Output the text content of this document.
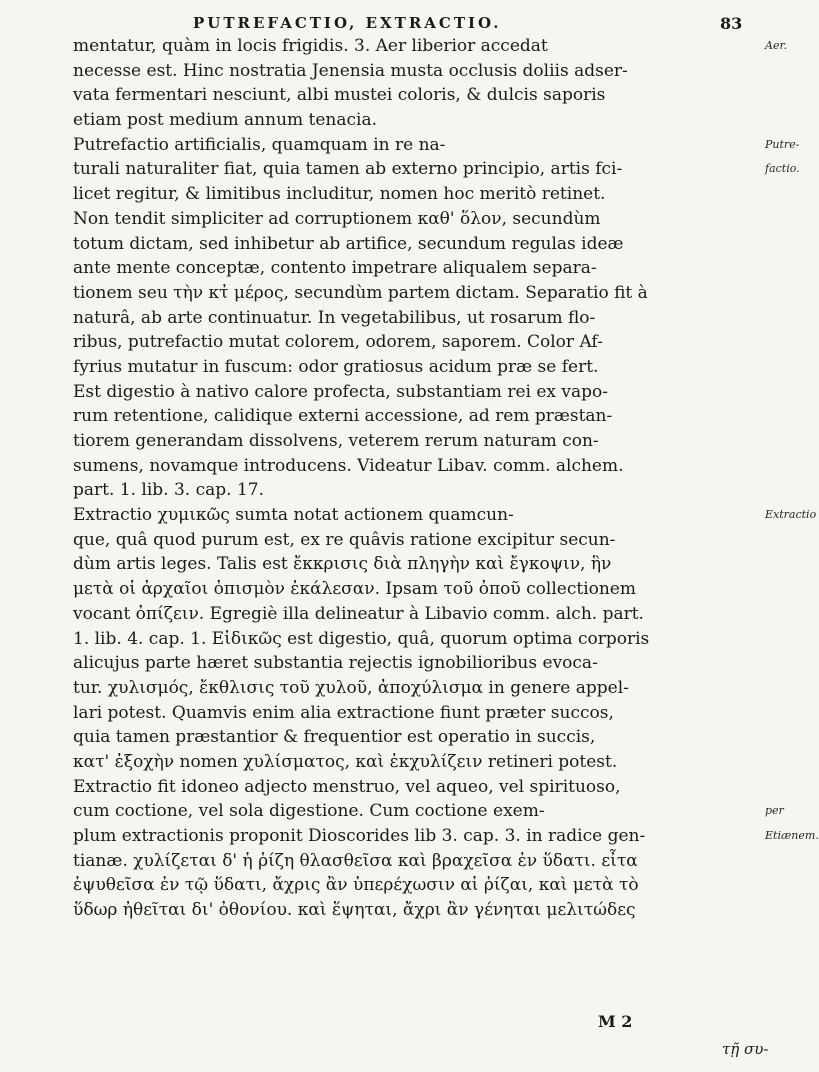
PUTREFACTIO, EXTRACTIO.	83
mentatur, quàm in locis frigidis. 3. Aer liberior accedat	Aer.
necesse est. Hinc nostratia Jenensia musta occlusis doliis adser-
vata fermentari nesciunt, albi mustei coloris, & dulcis saporis
etiam post medium annum tenacia.
Putrefactio artificialis, quamquam in re na-	Putre-
turali naturaliter fiat, quia tamen ab externo principio, artis fci-	factio.
licet regitur, & limitibus includitur, nomen hoc meritò retinet.
Non tendit simpliciter ad corruptionem καθ' ὅλον, secundùm
totum dictam, sed inhibetur ab artifice, secundum regulas ideæ
ante mente conceptæ, contento impetrare aliqualem separa-
tionem seu τὴν κτ̓ μέρος, secundùm partem dictam. Separatio fit à
naturâ, ab arte continuatur. In vegetabilibus, ut rosarum flo-
ribus, putrefactio mutat colorem, odorem, saporem. Color Af-
fyrius mutatur in fuscum: odor gratiosus acidum præ se fert.
Est digestio à nativo calore profecta, substantiam rei ex vapo-
rum retentione, calidique externi accessione, ad rem præstan-
tiorem generandam dissolvens, veterem rerum naturam con-
sumens, novamque introducens. Videatur Libav. comm. alchem.
part. 1. lib. 3. cap. 17.
Extractio χυμικῶς sumta notat actionem quamcun-	Extractio
que, quâ quod purum est, ex re quâvis ratione excipitur secun-
dùm artis leges. Talis est ἔκκρισις διὰ πληγὴν καὶ ἔγκοψιν, ἣν
μετὰ οἱ ἀρχαῖοι ὀπισμὸν ἐκάλεσαν. Ipsam τοῦ ὀποῦ collectionem
vocant ὀπίζειν. Egregiè illa delineatur à Libavio comm. alch. part.
1. lib. 4. cap. 1. Εἰδικῶς est digestio, quâ, quorum optima corporis
alicujus parte hæret substantia rejectis ignobilioribus evoca-
tur. χυλισμός, ἔκθλισις τοῦ χυλοῦ, ἀποχύλισμα in genere appel-
lari potest. Quamvis enim alia extractione fiunt præter succos,
quia tamen præstantior & frequentior est operatio in succis,
κατ' ἐξοχὴν nomen χυλίσματος, καὶ ἐκχυλίζειν retineri potest.
Extractio fit idoneo adjecto menstruo, vel aqueo, vel spirituoso,
cum coctione, vel sola digestione. Cum coctione exem-	per
plum extractionis proponit Dioscorides lib 3. cap. 3. in radice gen-	Etiænem.
tianæ. χυλίζεται δ' ἡ ῥίζη θλασθεῖσα καὶ βραχεῖσα ἐν ὕδατι. εἶτα
ἑψυθεῖσα ἐν τῷ ὕδατι, ἄχρις ἂν ὑπερέχωσιν αἱ ῥίζαι, καὶ μετὰ τὸ
ὕδωρ ἠθεῖται δι' ὀθονίου. καὶ ἕψηται, ἄχρι ἂν γένηται μελιτώδες
M 2
τῇ συ-
